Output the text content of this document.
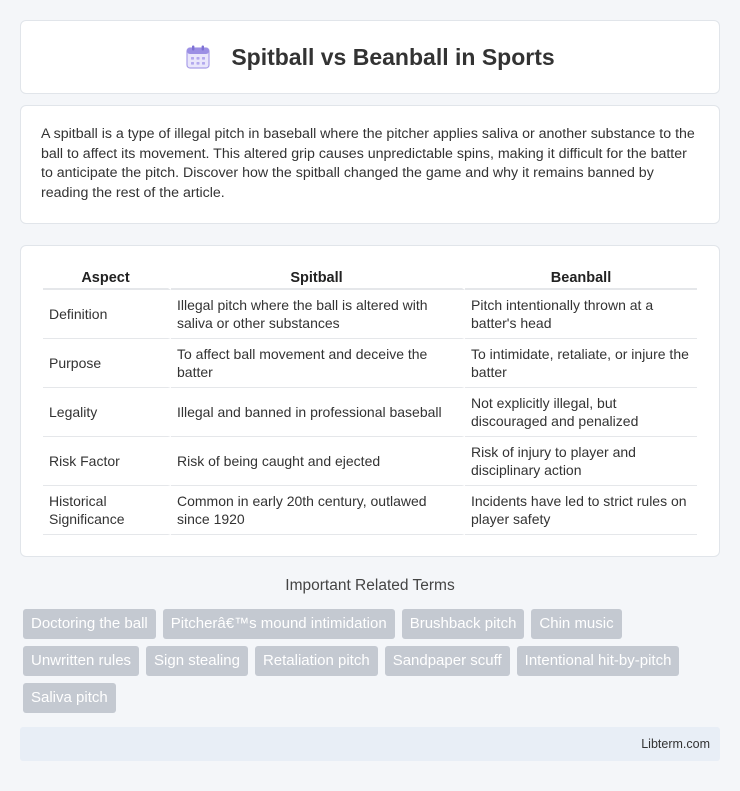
Spitball vs Beanball in Sports

A spitball is a type of illegal pitch in baseball where the pitcher applies saliva or another substance to the ball to affect its movement. This altered grip causes unpredictable spins, making it difficult for the batter to anticipate the pitch. Discover how the spitball changed the game and why it remains banned by reading the rest of the article.

Aspect	Spitball	Beanball
Definition	Illegal pitch where the ball is altered with saliva or other substances	Pitch intentionally thrown at a batter's head
Purpose	To affect ball movement and deceive the batter	To intimidate, retaliate, or injure the batter
Legality	Illegal and banned in professional baseball	Not explicitly illegal, but discouraged and penalized
Risk Factor	Risk of being caught and ejected	Risk of injury to player and disciplinary action
Historical Significance	Common in early 20th century, outlawed since 1920	Incidents have led to strict rules on player safety
Important Related Terms
Doctoring the ball	Pitcherâ€™s mound intimidation	Brushback pitch	Chin music
Unwritten rules	Sign stealing	Retaliation pitch	Sandpaper scuff	Intentional hit-by-pitch
Saliva pitch
Libterm.com
